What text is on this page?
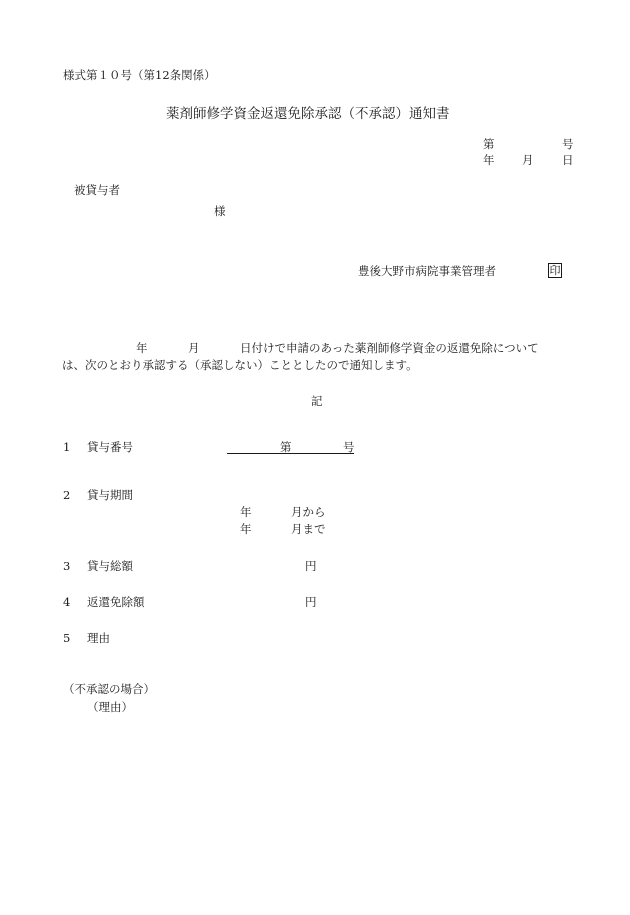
様式第１０号（第12条関係）
薬剤師修学資金返還免除承認（不承認）通知書
第	号
年 月 日
被貸与者
様
豊後大野市病院事業管理者	印
年	月	日付けで申請のあった薬剤師修学資金の返還免除について
は、次のとおり承認する（承認しない）こととしたので通知します。
記
1 貸与番号	第	号
2 貸与期間
年	月から
年	月まで
3 貸与総額	円
4 返還免除額	円
5 理由
（不承認の場合）
（理由）
